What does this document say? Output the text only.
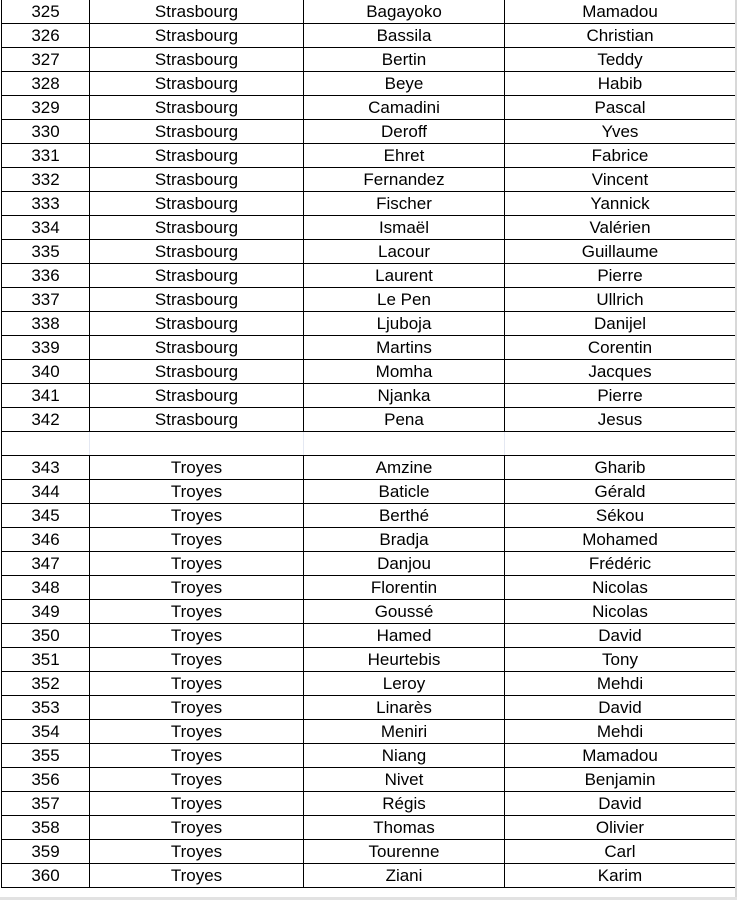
325	Strasbourg	Bagayoko	Mamadou
326	Strasbourg	Bassila	Christian
327	Strasbourg	Bertin	Teddy
328	Strasbourg	Beye	Habib
329	Strasbourg	Camadini	Pascal
330	Strasbourg	Deroff	Yves
331	Strasbourg	Ehret	Fabrice
332	Strasbourg	Fernandez	Vincent
333	Strasbourg	Fischer	Yannick
334	Strasbourg	Ismaël	Valérien
335	Strasbourg	Lacour	Guillaume
336	Strasbourg	Laurent	Pierre
337	Strasbourg	Le Pen	Ullrich
338	Strasbourg	Ljuboja	Danijel
339	Strasbourg	Martins	Corentin
340	Strasbourg	Momha	Jacques
341	Strasbourg	Njanka	Pierre
342	Strasbourg	Pena	Jesus

343	Troyes	Amzine	Gharib
344	Troyes	Baticle	Gérald
345	Troyes	Berthé	Sékou
346	Troyes	Bradja	Mohamed
347	Troyes	Danjou	Frédéric
348	Troyes	Florentin	Nicolas
349	Troyes	Goussé	Nicolas
350	Troyes	Hamed	David
351	Troyes	Heurtebis	Tony
352	Troyes	Leroy	Mehdi
353	Troyes	Linarès	David
354	Troyes	Meniri	Mehdi
355	Troyes	Niang	Mamadou
356	Troyes	Nivet	Benjamin
357	Troyes	Régis	David
358	Troyes	Thomas	Olivier
359	Troyes	Tourenne	Carl
360	Troyes	Ziani	Karim
